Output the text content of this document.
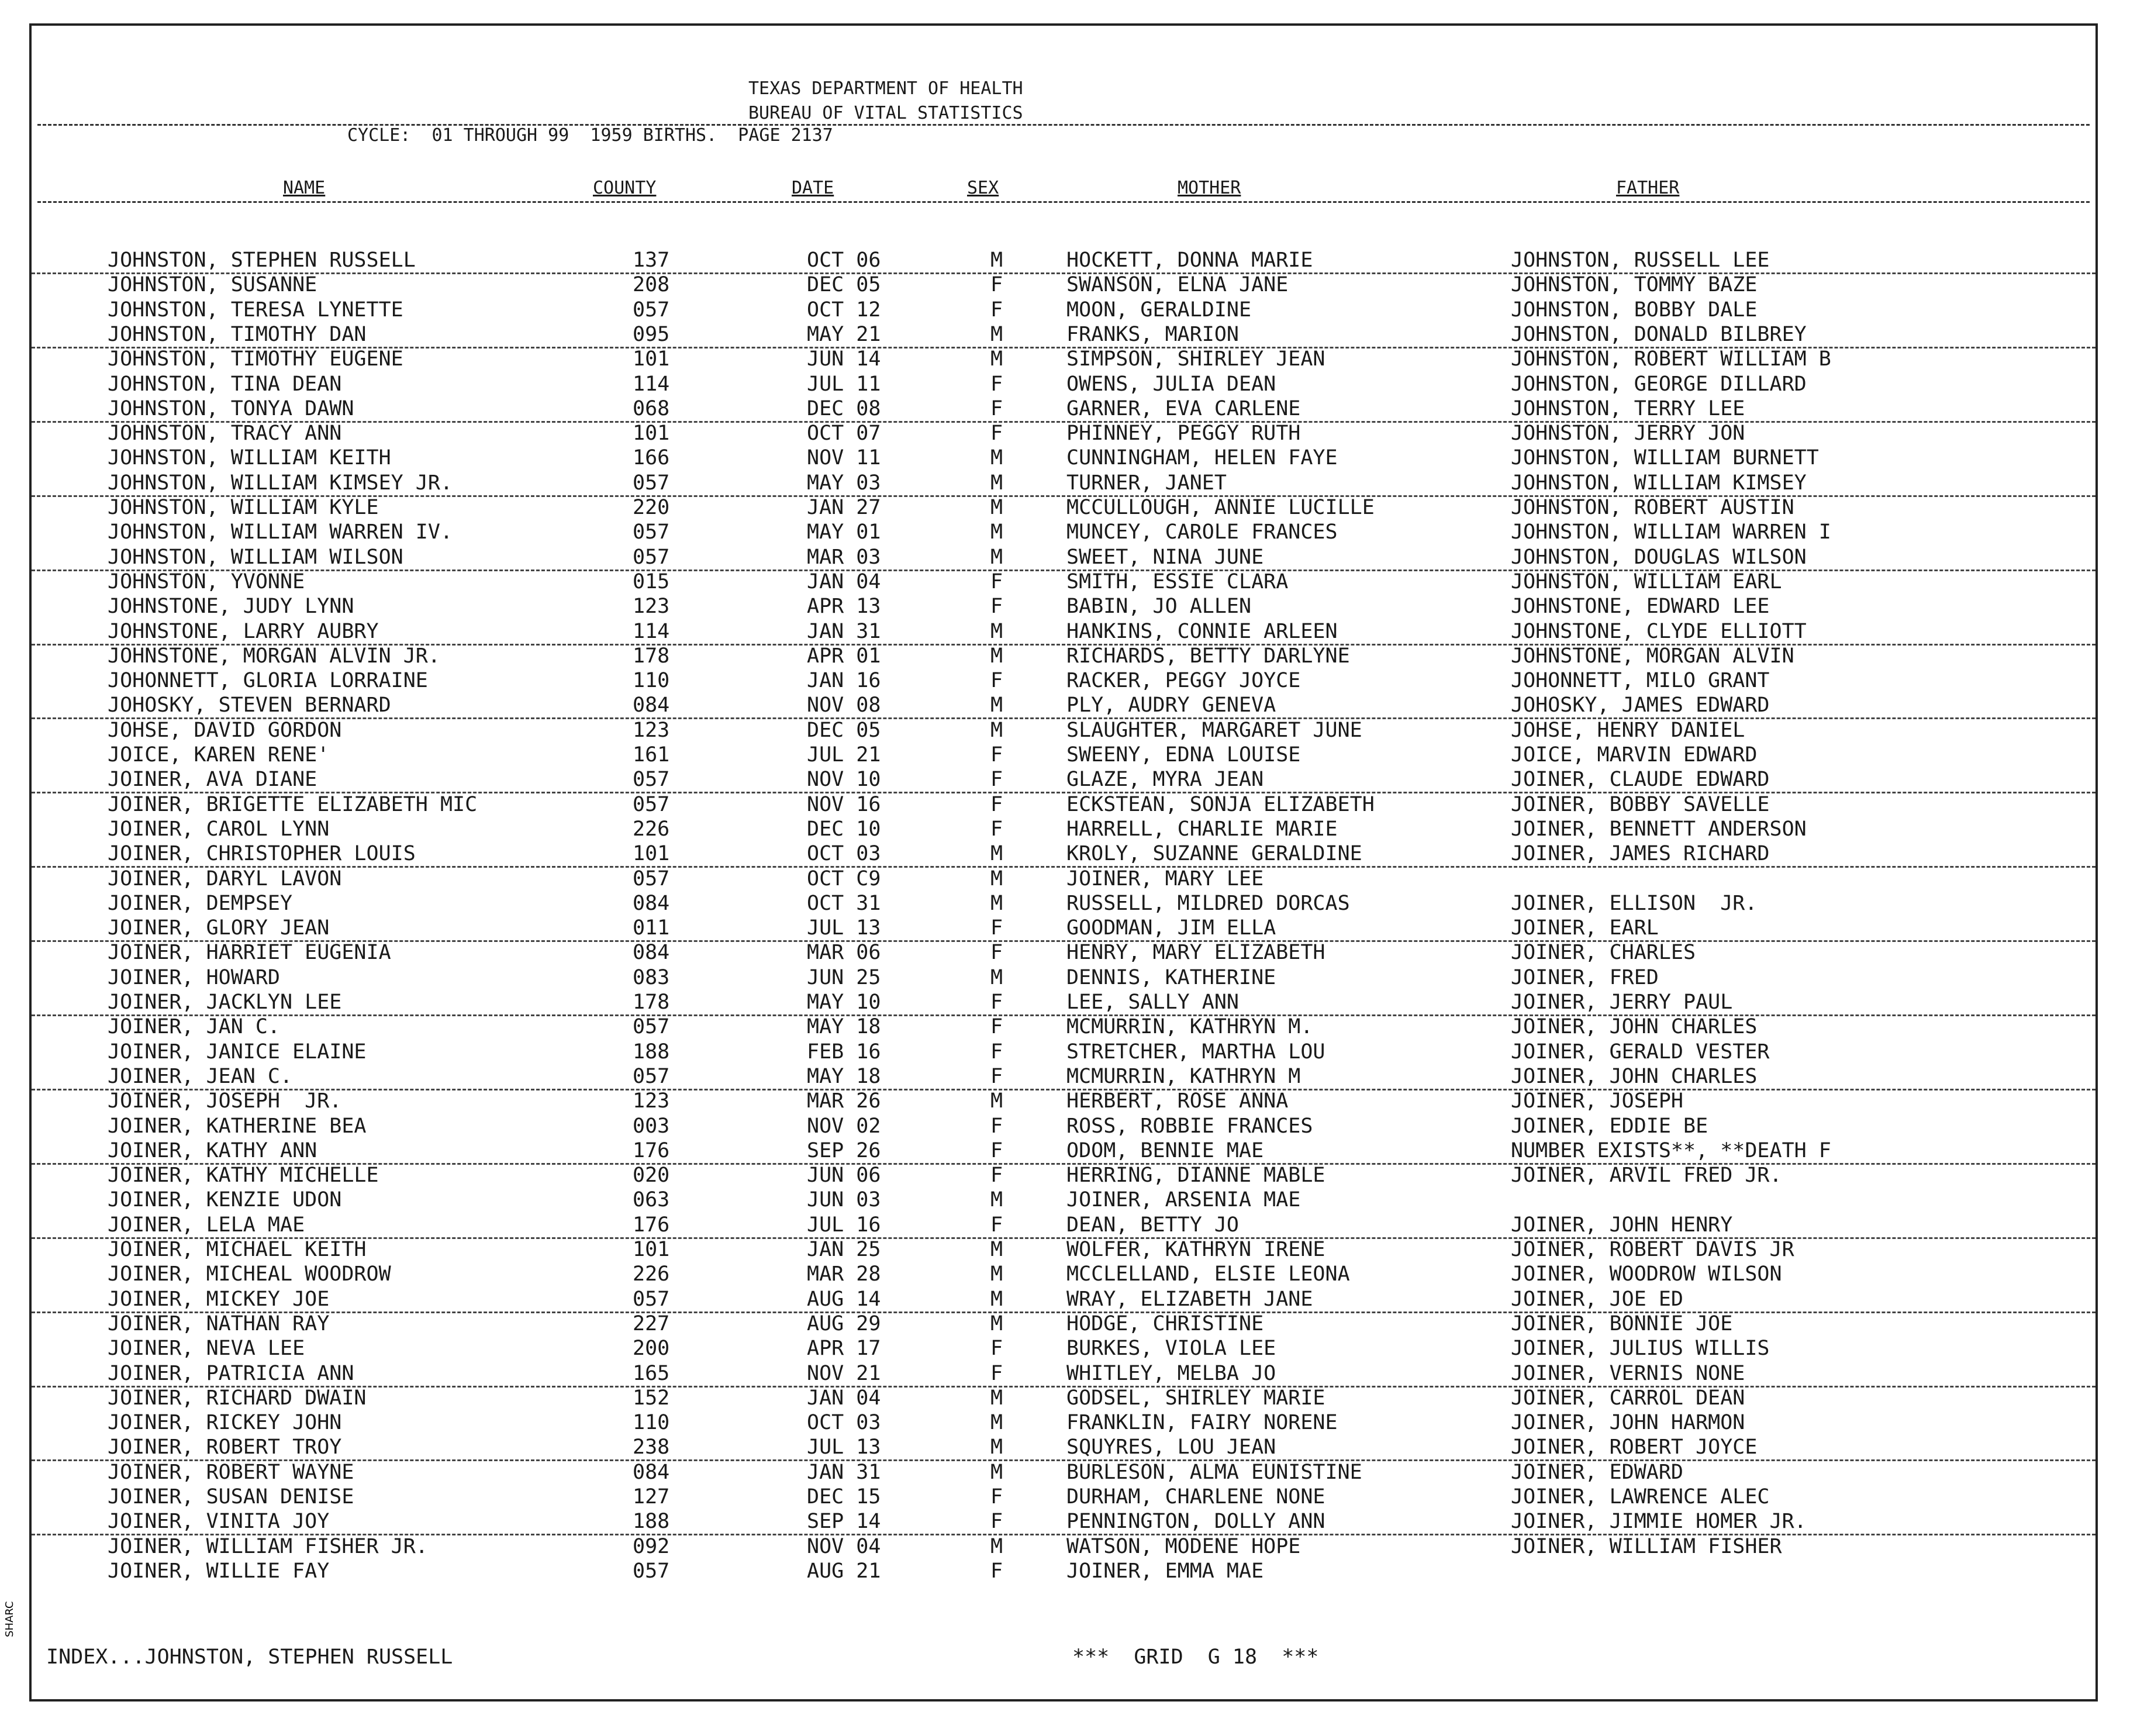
TEXAS DEPARTMENT OF HEALTH
BUREAU OF VITAL STATISTICS
CYCLE:  01 THROUGH 99  1959 BIRTHS.  PAGE 2137
NAME	COUNTY	DATE	SEX	MOTHER	FATHER
JOHNSTON, STEPHEN RUSSELL	137	OCT 06	M	HOCKETT, DONNA MARIE	JOHNSTON, RUSSELL LEE
JOHNSTON, SUSANNE	208	DEC 05	F	SWANSON, ELNA JANE	JOHNSTON, TOMMY BAZE
JOHNSTON, TERESA LYNETTE	057	OCT 12	F	MOON, GERALDINE	JOHNSTON, BOBBY DALE
JOHNSTON, TIMOTHY DAN	095	MAY 21	M	FRANKS, MARION	JOHNSTON, DONALD BILBREY
JOHNSTON, TIMOTHY EUGENE	101	JUN 14	M	SIMPSON, SHIRLEY JEAN	JOHNSTON, ROBERT WILLIAM B
JOHNSTON, TINA DEAN	114	JUL 11	F	OWENS, JULIA DEAN	JOHNSTON, GEORGE DILLARD
JOHNSTON, TONYA DAWN	068	DEC 08	F	GARNER, EVA CARLENE	JOHNSTON, TERRY LEE
JOHNSTON, TRACY ANN	101	OCT 07	F	PHINNEY, PEGGY RUTH	JOHNSTON, JERRY JON
JOHNSTON, WILLIAM KEITH	166	NOV 11	M	CUNNINGHAM, HELEN FAYE	JOHNSTON, WILLIAM BURNETT
JOHNSTON, WILLIAM KIMSEY JR.	057	MAY 03	M	TURNER, JANET	JOHNSTON, WILLIAM KIMSEY
JOHNSTON, WILLIAM KYLE	220	JAN 27	M	MCCULLOUGH, ANNIE LUCILLE	JOHNSTON, ROBERT AUSTIN
JOHNSTON, WILLIAM WARREN IV.	057	MAY 01	M	MUNCEY, CAROLE FRANCES	JOHNSTON, WILLIAM WARREN I
JOHNSTON, WILLIAM WILSON	057	MAR 03	M	SWEET, NINA JUNE	JOHNSTON, DOUGLAS WILSON
JOHNSTON, YVONNE	015	JAN 04	F	SMITH, ESSIE CLARA	JOHNSTON, WILLIAM EARL
JOHNSTONE, JUDY LYNN	123	APR 13	F	BABIN, JO ALLEN	JOHNSTONE, EDWARD LEE
JOHNSTONE, LARRY AUBRY	114	JAN 31	M	HANKINS, CONNIE ARLEEN	JOHNSTONE, CLYDE ELLIOTT
JOHNSTONE, MORGAN ALVIN JR.	178	APR 01	M	RICHARDS, BETTY DARLYNE	JOHNSTONE, MORGAN ALVIN
JOHONNETT, GLORIA LORRAINE	110	JAN 16	F	RACKER, PEGGY JOYCE	JOHONNETT, MILO GRANT
JOHOSKY, STEVEN BERNARD	084	NOV 08	M	PLY, AUDRY GENEVA	JOHOSKY, JAMES EDWARD
JOHSE, DAVID GORDON	123	DEC 05	M	SLAUGHTER, MARGARET JUNE	JOHSE, HENRY DANIEL
JOICE, KAREN RENE'	161	JUL 21	F	SWEENY, EDNA LOUISE	JOICE, MARVIN EDWARD
JOINER, AVA DIANE	057	NOV 10	F	GLAZE, MYRA JEAN	JOINER, CLAUDE EDWARD
JOINER, BRIGETTE ELIZABETH MIC	057	NOV 16	F	ECKSTEAN, SONJA ELIZABETH	JOINER, BOBBY SAVELLE
JOINER, CAROL LYNN	226	DEC 10	F	HARRELL, CHARLIE MARIE	JOINER, BENNETT ANDERSON
JOINER, CHRISTOPHER LOUIS	101	OCT 03	M	KROLY, SUZANNE GERALDINE	JOINER, JAMES RICHARD
JOINER, DARYL LAVON	057	OCT C9	M	JOINER, MARY LEE
JOINER, DEMPSEY	084	OCT 31	M	RUSSELL, MILDRED DORCAS	JOINER, ELLISON  JR.
JOINER, GLORY JEAN	011	JUL 13	F	GOODMAN, JIM ELLA	JOINER, EARL
JOINER, HARRIET EUGENIA	084	MAR 06	F	HENRY, MARY ELIZABETH	JOINER, CHARLES
JOINER, HOWARD	083	JUN 25	M	DENNIS, KATHERINE	JOINER, FRED
JOINER, JACKLYN LEE	178	MAY 10	F	LEE, SALLY ANN	JOINER, JERRY PAUL
JOINER, JAN C.	057	MAY 18	F	MCMURRIN, KATHRYN M.	JOINER, JOHN CHARLES
JOINER, JANICE ELAINE	188	FEB 16	F	STRETCHER, MARTHA LOU	JOINER, GERALD VESTER
JOINER, JEAN C.	057	MAY 18	F	MCMURRIN, KATHRYN M	JOINER, JOHN CHARLES
JOINER, JOSEPH  JR.	123	MAR 26	M	HERBERT, ROSE ANNA	JOINER, JOSEPH
JOINER, KATHERINE BEA	003	NOV 02	F	ROSS, ROBBIE FRANCES	JOINER, EDDIE BE
JOINER, KATHY ANN	176	SEP 26	F	ODOM, BENNIE MAE	NUMBER EXISTS**, **DEATH F
JOINER, KATHY MICHELLE	020	JUN 06	F	HERRING, DIANNE MABLE	JOINER, ARVIL FRED JR.
JOINER, KENZIE UDON	063	JUN 03	M	JOINER, ARSENIA MAE
JOINER, LELA MAE	176	JUL 16	F	DEAN, BETTY JO	JOINER, JOHN HENRY
JOINER, MICHAEL KEITH	101	JAN 25	M	WOLFER, KATHRYN IRENE	JOINER, ROBERT DAVIS JR
JOINER, MICHEAL WOODROW	226	MAR 28	M	MCCLELLAND, ELSIE LEONA	JOINER, WOODROW WILSON
JOINER, MICKEY JOE	057	AUG 14	M	WRAY, ELIZABETH JANE	JOINER, JOE ED
JOINER, NATHAN RAY	227	AUG 29	M	HODGE, CHRISTINE	JOINER, BONNIE JOE
JOINER, NEVA LEE	200	APR 17	F	BURKES, VIOLA LEE	JOINER, JULIUS WILLIS
JOINER, PATRICIA ANN	165	NOV 21	F	WHITLEY, MELBA JO	JOINER, VERNIS NONE
JOINER, RICHARD DWAIN	152	JAN 04	M	GODSEL, SHIRLEY MARIE	JOINER, CARROL DEAN
JOINER, RICKEY JOHN	110	OCT 03	M	FRANKLIN, FAIRY NORENE	JOINER, JOHN HARMON
JOINER, ROBERT TROY	238	JUL 13	M	SQUYRES, LOU JEAN	JOINER, ROBERT JOYCE
JOINER, ROBERT WAYNE	084	JAN 31	M	BURLESON, ALMA EUNISTINE	JOINER, EDWARD
JOINER, SUSAN DENISE	127	DEC 15	F	DURHAM, CHARLENE NONE	JOINER, LAWRENCE ALEC
JOINER, VINITA JOY	188	SEP 14	F	PENNINGTON, DOLLY ANN	JOINER, JIMMIE HOMER JR.
JOINER, WILLIAM FISHER JR.	092	NOV 04	M	WATSON, MODENE HOPE	JOINER, WILLIAM FISHER
JOINER, WILLIE FAY	057	AUG 21	F	JOINER, EMMA MAE
INDEX...JOHNSTON, STEPHEN RUSSELL	***  GRID  G 18  ***
SHARC
